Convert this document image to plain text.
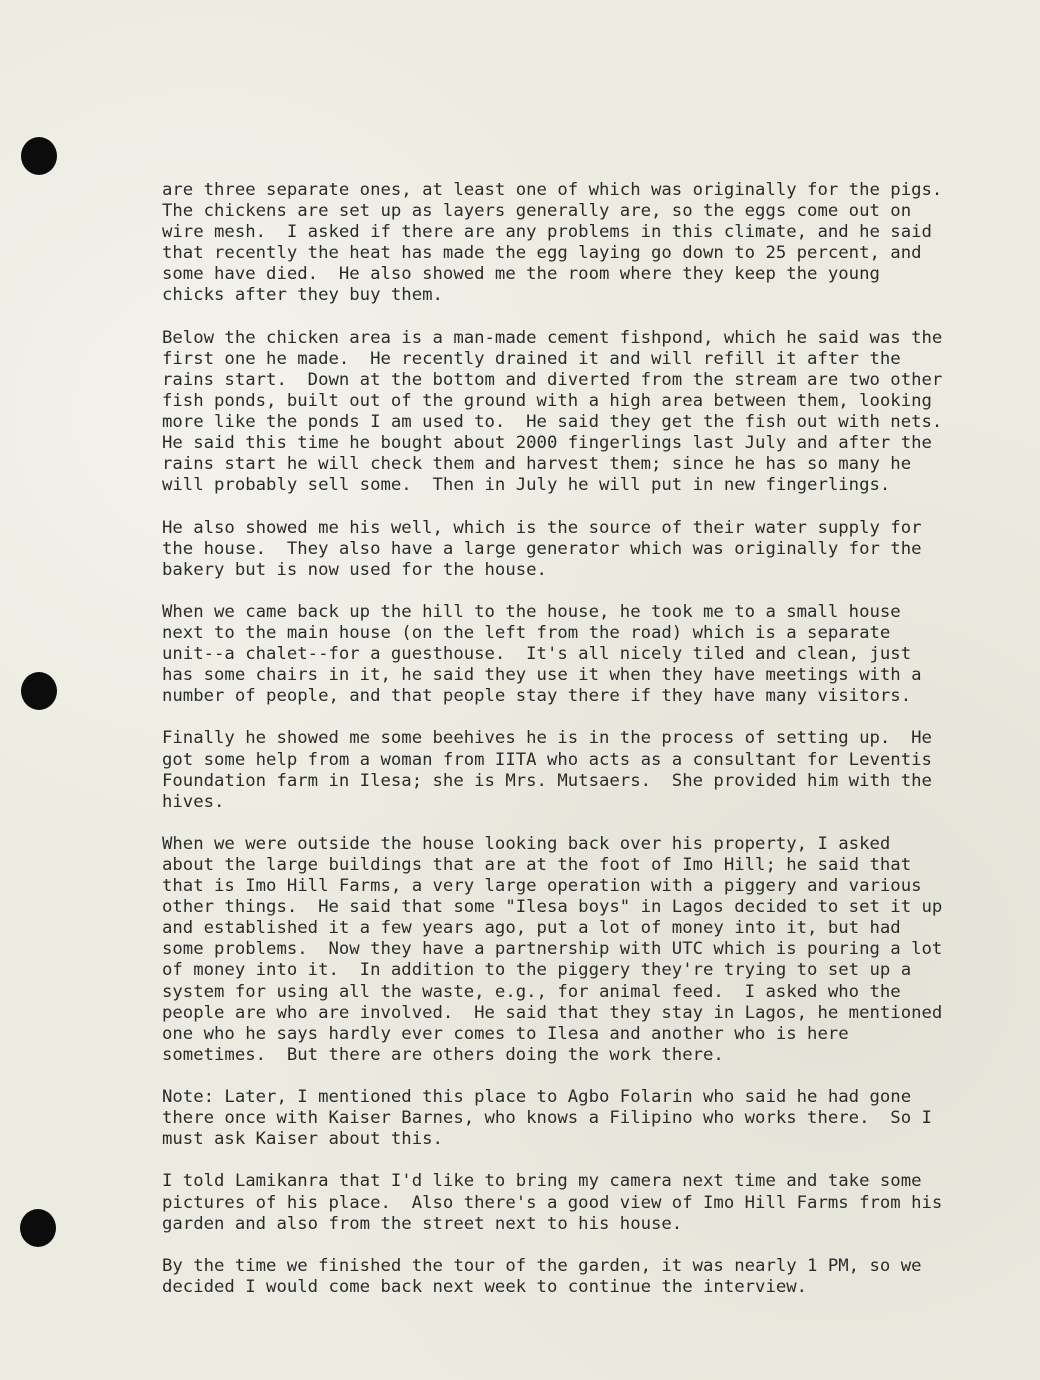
are three separate ones, at least one of which was originally for the pigs.
The chickens are set up as layers generally are, so the eggs come out on
wire mesh.  I asked if there are any problems in this climate, and he said
that recently the heat has made the egg laying go down to 25 percent, and
some have died.  He also showed me the room where they keep the young
chicks after they buy them.
Below the chicken area is a man-made cement fishpond, which he said was the
first one he made.  He recently drained it and will refill it after the
rains start.  Down at the bottom and diverted from the stream are two other
fish ponds, built out of the ground with a high area between them, looking
more like the ponds I am used to.  He said they get the fish out with nets.
He said this time he bought about 2000 fingerlings last July and after the
rains start he will check them and harvest them; since he has so many he
will probably sell some.  Then in July he will put in new fingerlings.
He also showed me his well, which is the source of their water supply for
the house.  They also have a large generator which was originally for the
bakery but is now used for the house.
When we came back up the hill to the house, he took me to a small house
next to the main house (on the left from the road) which is a separate
unit--a chalet--for a guesthouse.  It's all nicely tiled and clean, just
has some chairs in it, he said they use it when they have meetings with a
number of people, and that people stay there if they have many visitors.
Finally he showed me some beehives he is in the process of setting up.  He
got some help from a woman from IITA who acts as a consultant for Leventis
Foundation farm in Ilesa; she is Mrs. Mutsaers.  She provided him with the
hives.
When we were outside the house looking back over his property, I asked
about the large buildings that are at the foot of Imo Hill; he said that
that is Imo Hill Farms, a very large operation with a piggery and various
other things.  He said that some "Ilesa boys" in Lagos decided to set it up
and established it a few years ago, put a lot of money into it, but had
some problems.  Now they have a partnership with UTC which is pouring a lot
of money into it.  In addition to the piggery they're trying to set up a
system for using all the waste, e.g., for animal feed.  I asked who the
people are who are involved.  He said that they stay in Lagos, he mentioned
one who he says hardly ever comes to Ilesa and another who is here
sometimes.  But there are others doing the work there.
Note: Later, I mentioned this place to Agbo Folarin who said he had gone
there once with Kaiser Barnes, who knows a Filipino who works there.  So I
must ask Kaiser about this.
I told Lamikanra that I'd like to bring my camera next time and take some
pictures of his place.  Also there's a good view of Imo Hill Farms from his
garden and also from the street next to his house.
By the time we finished the tour of the garden, it was nearly 1 PM, so we
decided I would come back next week to continue the interview.
